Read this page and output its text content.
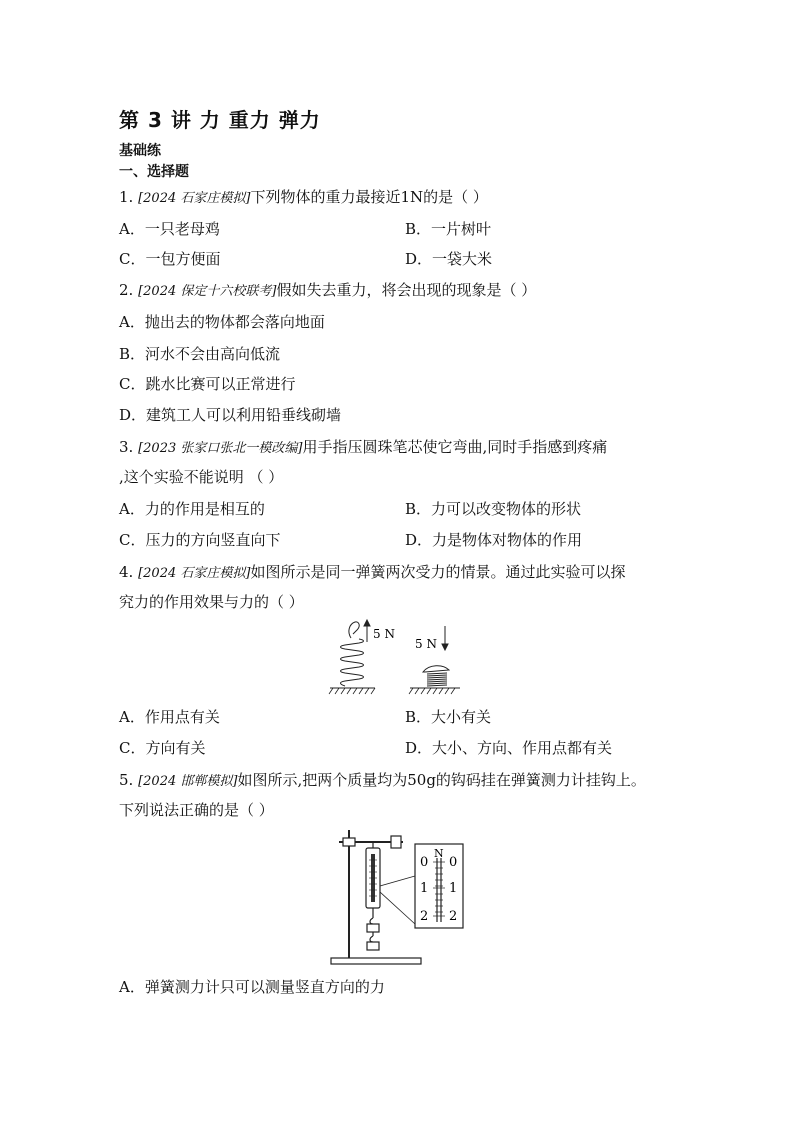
第 3 讲 力 重力 弹力
基础练
一、选择题
1. [2024 石家庄模拟]下列物体的重力最接近1N的是（ ）
A．一只老母鸡	B．一片树叶
C．一包方便面	D．一袋大米
2. [2024 保定十六校联考]假如失去重力，将会出现的现象是（ ）
A．抛出去的物体都会落向地面
B．河水不会由高向低流
C．跳水比赛可以正常进行
D．建筑工人可以利用铅垂线砌墙
3. [2023 张家口张北一模改编]用手指压圆珠笔芯使它弯曲,同时手指感到疼痛
,这个实验不能说明 （ ）
A．力的作用是相互的	B．力可以改变物体的形状
C．压力的方向竖直向下	D．力是物体对物体的作用
4. [2024 石家庄模拟]如图所示是同一弹簧两次受力的情景。通过此实验可以探
究力的作用效果与力的（ ）
5 N
5 N
A．作用点有关	B．大小有关
C．方向有关	D．大小、方向、作用点都有关
5. [2024 邯郸模拟]如图所示,把两个质量均为50g的钩码挂在弹簧测力计挂钩上。
下列说法正确的是（ ）
N
0 0
1 1
2 2
A．弹簧测力计只可以测量竖直方向的力
